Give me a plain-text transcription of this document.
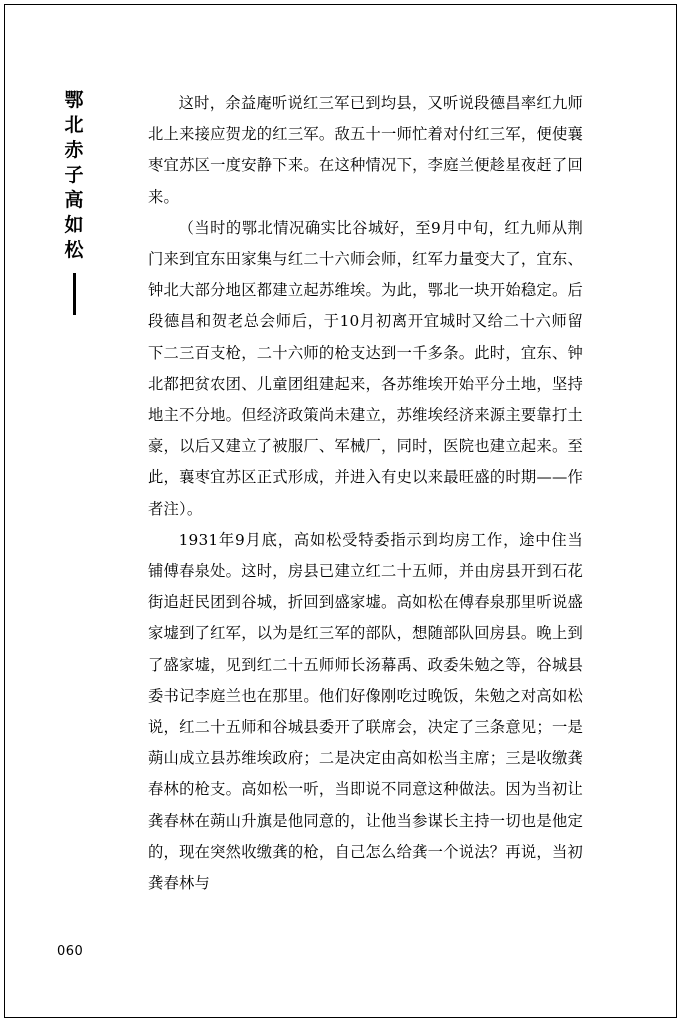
鄂
北
赤
子
高
如
松

这时，余益庵听说红三军已到均县，又听说段德昌率红九师北上来接应贺龙的红三军。敌五十一师忙着对付红三军，便使襄枣宜苏区一度安静下来。在这种情况下，李庭兰便趁星夜赶了回来。

（当时的鄂北情况确实比谷城好，至9月中旬，红九师从荆门来到宜东田家集与红二十六师会师，红军力量变大了，宜东、钟北大部分地区都建立起苏维埃。为此，鄂北一块开始稳定。后段德昌和贺老总会师后，于10月初离开宜城时又给二十六师留下二三百支枪，二十六师的枪支达到一千多条。此时，宜东、钟北都把贫农团、儿童团组建起来，各苏维埃开始平分土地，坚持地主不分地。但经济政策尚未建立，苏维埃经济来源主要靠打土豪，以后又建立了被服厂、军械厂，同时，医院也建立起来。至此，襄枣宜苏区正式形成，并进入有史以来最旺盛的时期——作者注）。

1931年9月底，高如松受特委指示到均房工作，途中住当铺傅春泉处。这时，房县已建立红二十五师，并由房县开到石花街追赶民团到谷城，折回到盛家墟。高如松在傅春泉那里听说盛家墟到了红军，以为是红三军的部队，想随部队回房县。晚上到了盛家墟，见到红二十五师师长汤幕禹、政委朱勉之等，谷城县委书记李庭兰也在那里。他们好像刚吃过晚饭，朱勉之对高如松说，红二十五师和谷城县委开了联席会，决定了三条意见；一是蒴山成立县苏维埃政府；二是决定由高如松当主席；三是收缴龚春林的枪支。高如松一听，当即说不同意这种做法。因为当初让龚春林在蒴山升旗是他同意的，让他当参谋长主持一切也是他定的，现在突然收缴龚的枪，自己怎么给龚一个说法？再说，当初龚春林与

060
